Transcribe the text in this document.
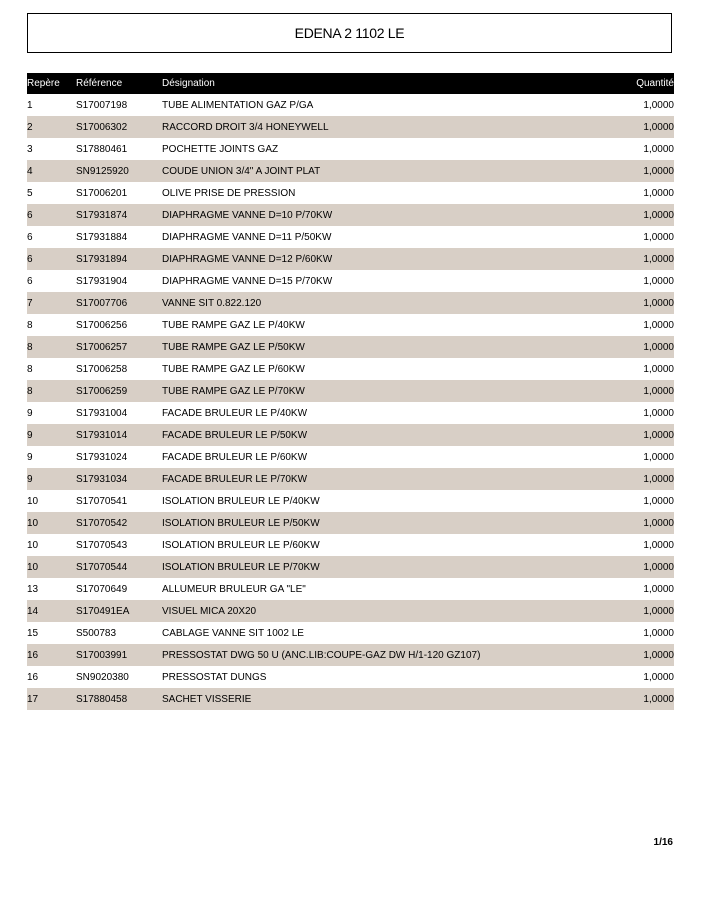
EDENA 2 1102 LE
Repère	Référence	Désignation	Quantité
1	S17007198	TUBE ALIMENTATION GAZ P/GA	1,0000
2	S17006302	RACCORD DROIT 3/4 HONEYWELL	1,0000
3	S17880461	POCHETTE JOINTS GAZ	1,0000
4	SN9125920	COUDE UNION 3/4" A JOINT PLAT	1,0000
5	S17006201	OLIVE PRISE DE PRESSION	1,0000
6	S17931874	DIAPHRAGME VANNE D=10 P/70KW	1,0000
6	S17931884	DIAPHRAGME VANNE D=11 P/50KW	1,0000
6	S17931894	DIAPHRAGME VANNE D=12 P/60KW	1,0000
6	S17931904	DIAPHRAGME VANNE D=15 P/70KW	1,0000
7	S17007706	VANNE SIT 0.822.120	1,0000
8	S17006256	TUBE RAMPE GAZ LE P/40KW	1,0000
8	S17006257	TUBE RAMPE GAZ LE P/50KW	1,0000
8	S17006258	TUBE RAMPE GAZ LE P/60KW	1,0000
8	S17006259	TUBE RAMPE GAZ LE P/70KW	1,0000
9	S17931004	FACADE BRULEUR LE P/40KW	1,0000
9	S17931014	FACADE BRULEUR LE P/50KW	1,0000
9	S17931024	FACADE BRULEUR LE P/60KW	1,0000
9	S17931034	FACADE BRULEUR LE P/70KW	1,0000
10	S17070541	ISOLATION BRULEUR LE P/40KW	1,0000
10	S17070542	ISOLATION BRULEUR LE P/50KW	1,0000
10	S17070543	ISOLATION BRULEUR LE P/60KW	1,0000
10	S17070544	ISOLATION BRULEUR LE P/70KW	1,0000
13	S17070649	ALLUMEUR BRULEUR GA "LE"	1,0000
14	S170491EA	VISUEL MICA 20X20	1,0000
15	S500783	CABLAGE VANNE SIT 1002 LE	1,0000
16	S17003991	PRESSOSTAT DWG 50 U (ANC.LIB:COUPE-GAZ DW H/1-120 GZ107)	1,0000
16	SN9020380	PRESSOSTAT DUNGS	1,0000
17	S17880458	SACHET VISSERIE	1,0000
1/16
